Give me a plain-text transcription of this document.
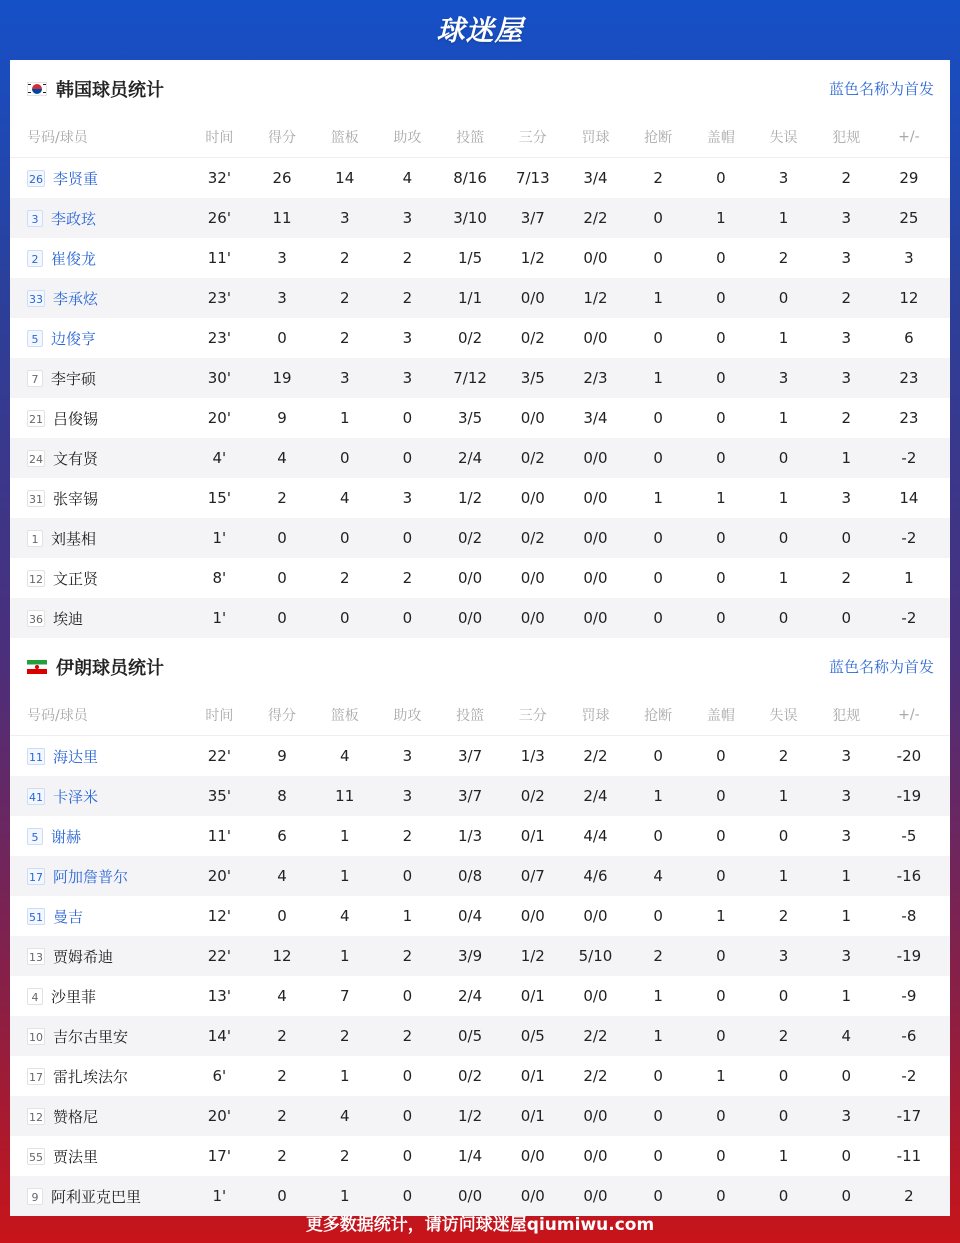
球迷屋
韩国球员统计	蓝色名称为首发
号码/球员	时间	得分	篮板	助攻	投篮	三分	罚球	抢断	盖帽	失误	犯规	+/-
26 李贤重	32'	26	14	4	8/16	7/13	3/4	2	0	3	2	29
3 李政玹	26'	11	3	3	3/10	3/7	2/2	0	1	1	3	25
2 崔俊龙	11'	3	2	2	1/5	1/2	0/0	0	0	2	3	3
33 李承炫	23'	3	2	2	1/1	0/0	1/2	1	0	0	2	12
5 边俊亨	23'	0	2	3	0/2	0/2	0/0	0	0	1	3	6
7 李宇硕	30'	19	3	3	7/12	3/5	2/3	1	0	3	3	23
21 吕俊锡	20'	9	1	0	3/5	0/0	3/4	0	0	1	2	23
24 文有贤	4'	4	0	0	2/4	0/2	0/0	0	0	0	1	-2
31 张宰锡	15'	2	4	3	1/2	0/0	0/0	1	1	1	3	14
1 刘基相	1'	0	0	0	0/2	0/2	0/0	0	0	0	0	-2
12 文正贤	8'	0	2	2	0/0	0/0	0/0	0	0	1	2	1
36 埃迪	1'	0	0	0	0/0	0/0	0/0	0	0	0	0	-2
伊朗球员统计	蓝色名称为首发
号码/球员	时间	得分	篮板	助攻	投篮	三分	罚球	抢断	盖帽	失误	犯规	+/-
11 海达里	22'	9	4	3	3/7	1/3	2/2	0	0	2	3	-20
41 卡泽米	35'	8	11	3	3/7	0/2	2/4	1	0	1	3	-19
5 谢赫	11'	6	1	2	1/3	0/1	4/4	0	0	0	3	-5
17 阿加詹普尔	20'	4	1	0	0/8	0/7	4/6	4	0	1	1	-16
51 曼吉	12'	0	4	1	0/4	0/0	0/0	0	1	2	1	-8
13 贾姆希迪	22'	12	1	2	3/9	1/2	5/10	2	0	3	3	-19
4 沙里菲	13'	4	7	0	2/4	0/1	0/0	1	0	0	1	-9
10 吉尔古里安	14'	2	2	2	0/5	0/5	2/2	1	0	2	4	-6
17 雷扎埃法尔	6'	2	1	0	0/2	0/1	2/2	0	1	0	0	-2
12 赞格尼	20'	2	4	0	1/2	0/1	0/0	0	0	0	3	-17
55 贾法里	17'	2	2	0	1/4	0/0	0/0	0	0	1	0	-11
9 阿利亚克巴里	1'	0	1	0	0/0	0/0	0/0	0	0	0	0	2
更多数据统计，请访问球迷屋qiumiwu.com
